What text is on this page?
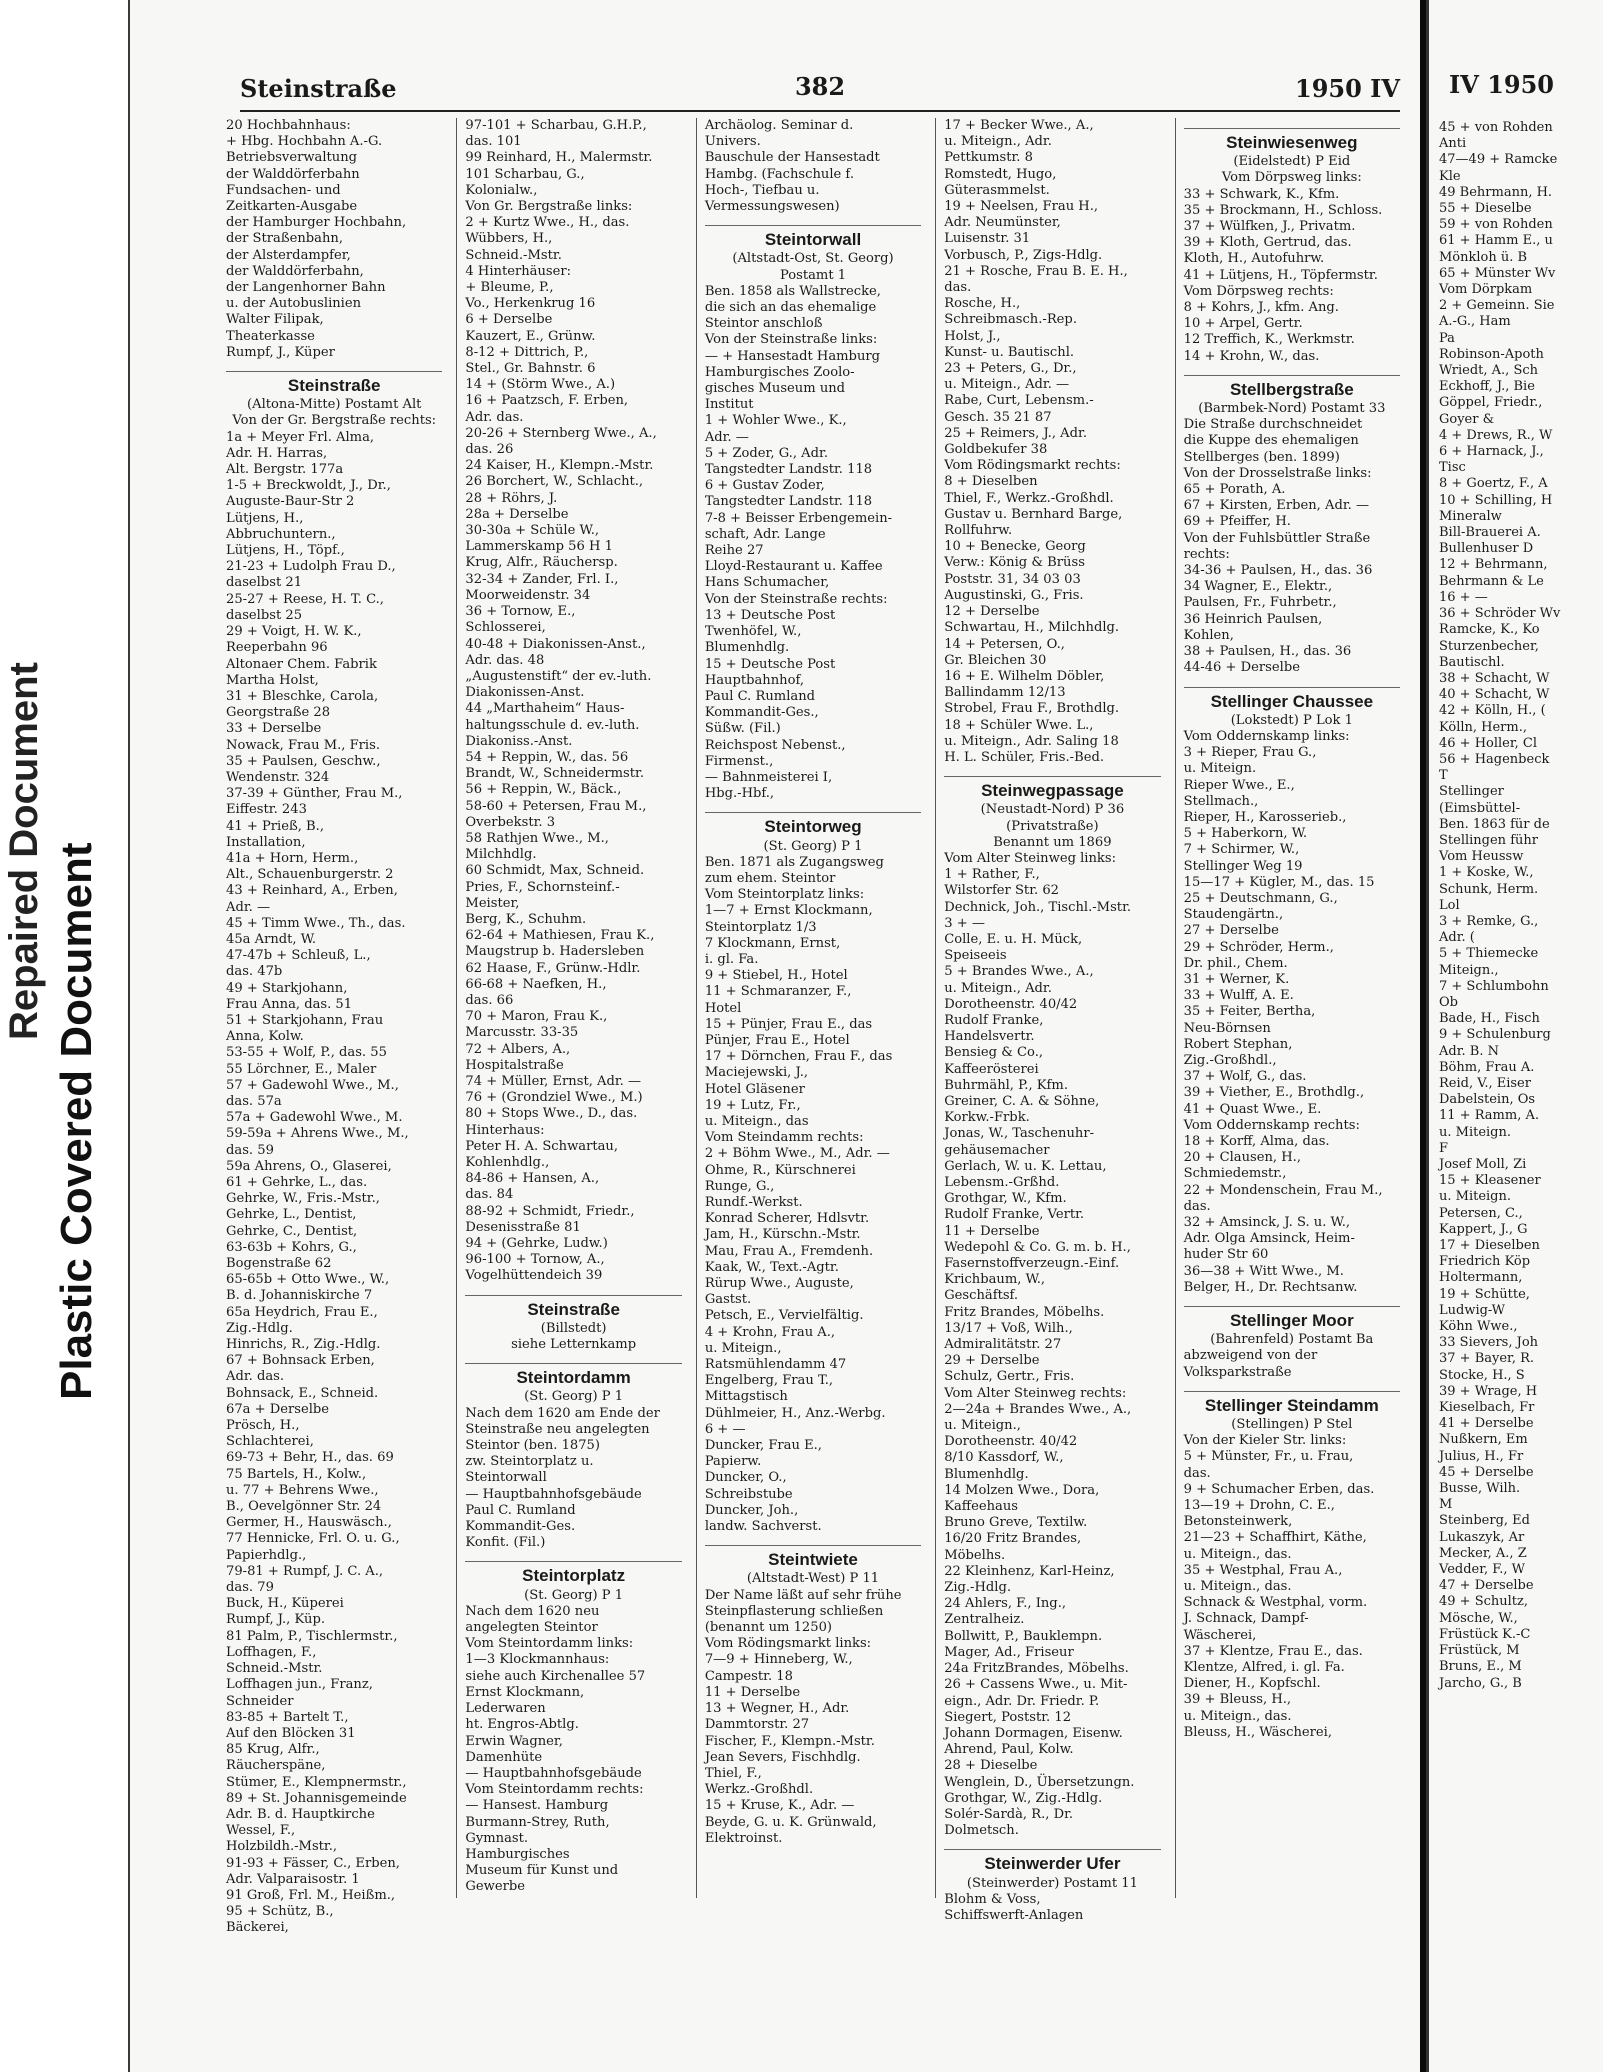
Repaired Document Plastic Covered Document
Steinstraße	382	1950 IV
20 Hochbahnhaus:
+ Hbg. Hochbahn A.-G.
Betriebsverwaltung
der Walddörferbahn
Fundsachen- und
Zeitkarten-Ausgabe
der Hamburger Hochbahn,
der Straßenbahn,
der Alsterdampfer,
der Walddörferbahn,
der Langenhorner Bahn
u. der Autobuslinien
Walter Filipak,
Theaterkasse
Rumpf, J., Küper
Steinstraße
(Altona-Mitte) Postamt Alt
Von der Gr. Bergstraße rechts:
1a + Meyer Frl. Alma,
Adr. H. Harras,
Alt. Bergstr. 177a
1-5 + Breckwoldt, J., Dr.,
Auguste-Baur-Str 2
Lütjens, H.,
Abbruchuntern.,
Lütjens, H., Töpf.,
21-23 + Ludolph Frau D.,
daselbst 21
25-27 + Reese, H. T. C.,
daselbst 25
29 + Voigt, H. W. K.,
Reeperbahn 96
Altonaer Chem. Fabrik
Martha Holst,
31 + Bleschke, Carola,
Georgstraße 28
33 + Derselbe
Nowack, Frau M., Fris.
35 + Paulsen, Geschw.,
Wendenstr. 324
37-39 + Günther, Frau M.,
Eiffestr. 243
41 + Prieß, B.,
Installation,
41a + Horn, Herm.,
Alt., Schauenburgerstr. 2
43 + Reinhard, A., Erben,
Adr. —
45 + Timm Wwe., Th., das.
45a Arndt, W.
47-47b + Schleuß, L.,
das. 47b
49 + Starkjohann,
Frau Anna, das. 51
51 + Starkjohann, Frau
Anna, Kolw.
53-55 + Wolf, P., das. 55
55 Lörchner, E., Maler
57 + Gadewohl Wwe., M.,
das. 57a
57a + Gadewohl Wwe., M.
59-59a + Ahrens Wwe., M.,
das. 59
59a Ahrens, O., Glaserei,
61 + Gehrke, L., das.
Gehrke, W., Fris.-Mstr.,
Gehrke, L., Dentist,
Gehrke, C., Dentist,
63-63b + Kohrs, G.,
Bogenstraße 62
65-65b + Otto Wwe., W.,
B. d. Johanniskirche 7
65a Heydrich, Frau E.,
Zig.-Hdlg.
Hinrichs, R., Zig.-Hdlg.
67 + Bohnsack Erben,
Adr. das.
Bohnsack, E., Schneid.
67a + Derselbe
Prösch, H.,
Schlachterei,
69-73 + Behr, H., das. 69
75 Bartels, H., Kolw.,
u. 77 + Behrens Wwe.,
B., Oevelgönner Str. 24
Germer, H., Hauswäsch.,
77 Hennicke, Frl. O. u. G.,
Papierhdlg.,
79-81 + Rumpf, J. C. A.,
das. 79
Buck, H., Küperei
Rumpf, J., Küp.
81 Palm, P., Tischlermstr.,
Loffhagen, F.,
Schneid.-Mstr.
Loffhagen jun., Franz,
Schneider
83-85 + Bartelt T.,
Auf den Blöcken 31
85 Krug, Alfr.,
Räucherspäne,
Stümer, E., Klempnermstr.,
89 + St. Johannisgemeinde
Adr. B. d. Hauptkirche
Wessel, F.,
Holzbildh.-Mstr.,
91-93 + Fässer, C., Erben,
Adr. Valparaisostr. 1
91 Groß, Frl. M., Heißm.,
95 + Schütz, B.,
Bäckerei,
97-101 + Scharbau, G.H.P.,
das. 101
99 Reinhard, H., Malermstr.
101 Scharbau, G.,
Kolonialw.,
Von Gr. Bergstraße links:
2 + Kurtz Wwe., H., das.
Wübbers, H.,
Schneid.-Mstr.
4 Hinterhäuser:
+ Bleume, P.,
Vo., Herkenkrug 16
6 + Derselbe
Kauzert, E., Grünw.
8-12 + Dittrich, P.,
Stel., Gr. Bahnstr. 6
14 + (Störm Wwe., A.)
16 + Paatzsch, F. Erben,
Adr. das.
20-26 + Sternberg Wwe., A.,
das. 26
24 Kaiser, H., Klempn.-Mstr.
26 Borchert, W., Schlacht.,
28 + Röhrs, J.
28a + Derselbe
30-30a + Schüle W.,
Lammerskamp 56 H 1
Krug, Alfr., Räuchersp.
32-34 + Zander, Frl. I.,
Moorweidenstr. 34
36 + Tornow, E.,
Schlosserei,
40-48 + Diakonissen-Anst.,
Adr. das. 48
„Augustenstift“ der ev.-luth.
Diakonissen-Anst.
44 „Marthaheim“ Haus-
haltungsschule d. ev.-luth.
Diakoniss.-Anst.
54 + Reppin, W., das. 56
Brandt, W., Schneidermstr.
56 + Reppin, W., Bäck.,
58-60 + Petersen, Frau M.,
Overbekstr. 3
58 Rathjen Wwe., M.,
Milchhdlg.
60 Schmidt, Max, Schneid.
Pries, F., Schornsteinf.-
Meister,
Berg, K., Schuhm.
62-64 + Mathiesen, Frau K.,
Maugstrup b. Hadersleben
62 Haase, F., Grünw.-Hdlr.
66-68 + Naefken, H.,
das. 66
70 + Maron, Frau K.,
Marcusstr. 33-35
72 + Albers, A.,
Hospitalstraße
74 + Müller, Ernst, Adr. —
76 + (Grondziel Wwe., M.)
80 + Stops Wwe., D., das.
Hinterhaus:
Peter H. A. Schwartau,
Kohlenhdlg.,
84-86 + Hansen, A.,
das. 84
88-92 + Schmidt, Friedr.,
Desenisstraße 81
94 + (Gehrke, Ludw.)
96-100 + Tornow, A.,
Vogelhüttendeich 39
Steinstraße
(Billstedt)
siehe Letternkamp
Steintordamm
(St. Georg) P 1
Nach dem 1620 am Ende der
Steinstraße neu angelegten
Steintor (ben. 1875)
zw. Steintorplatz u.
Steintorwall
— Hauptbahnhofsgebäude
Paul C. Rumland
Kommandit-Ges.
Konfit. (Fil.)
Steintorplatz
(St. Georg) P 1
Nach dem 1620 neu
angelegten Steintor
Vom Steintordamm links:
1—3 Klockmannhaus:
siehe auch Kirchenallee 57
Ernst Klockmann,
Lederwaren
ht. Engros-Abtlg.
Erwin Wagner,
Damenhüte
— Hauptbahnhofsgebäude
Vom Steintordamm rechts:
— Hansest. Hamburg
Burmann-Strey, Ruth,
Gymnast.
Hamburgisches
Museum für Kunst und
Gewerbe
Archäolog. Seminar d.
Univers.
Bauschule der Hansestadt
Hambg. (Fachschule f.
Hoch-, Tiefbau u.
Vermessungswesen)
Steintorwall
(Altstadt-Ost, St. Georg)
Postamt 1
Ben. 1858 als Wallstrecke,
die sich an das ehemalige
Steintor anschloß
Von der Steinstraße links:
— + Hansestadt Hamburg
Hamburgisches Zoolo-
gisches Museum und
Institut
1 + Wohler Wwe., K.,
Adr. —
5 + Zoder, G., Adr.
Tangstedter Landstr. 118
6 + Gustav Zoder,
Tangstedter Landstr. 118
7-8 + Beisser Erbengemein-
schaft, Adr. Lange
Reihe 27
Lloyd-Restaurant u. Kaffee
Hans Schumacher,
Von der Steinstraße rechts:
13 + Deutsche Post
Twenhöfel, W.,
Blumenhdlg.
15 + Deutsche Post
Hauptbahnhof,
Paul C. Rumland
Kommandit-Ges.,
Süßw. (Fil.)
Reichspost Nebenst.,
Firmenst.,
— Bahnmeisterei I,
Hbg.-Hbf.,
Steintorweg
(St. Georg) P 1
Ben. 1871 als Zugangsweg
zum ehem. Steintor
Vom Steintorplatz links:
1—7 + Ernst Klockmann,
Steintorplatz 1/3
7 Klockmann, Ernst,
i. gl. Fa.
9 + Stiebel, H., Hotel
11 + Schmaranzer, F.,
Hotel
15 + Pünjer, Frau E., das
Pünjer, Frau E., Hotel
17 + Dörnchen, Frau F., das
Maciejewski, J.,
Hotel Gläsener
19 + Lutz, Fr.,
u. Miteign., das
Vom Steindamm rechts:
2 + Böhm Wwe., M., Adr. —
Ohme, R., Kürschnerei
Runge, G.,
Rundf.-Werkst.
Konrad Scherer, Hdlsvtr.
Jam, H., Kürschn.-Mstr.
Mau, Frau A., Fremdenh.
Kaak, W., Text.-Agtr.
Rürup Wwe., Auguste,
Gastst.
Petsch, E., Vervielfältig.
4 + Krohn, Frau A.,
u. Miteign.,
Ratsmühlendamm 47
Engelberg, Frau T.,
Mittagstisch
Dühlmeier, H., Anz.-Werbg.
6 + —
Duncker, Frau E.,
Papierw.
Duncker, O.,
Schreibstube
Duncker, Joh.,
landw. Sachverst.
Steintwiete
(Altstadt-West) P 11
Der Name läßt auf sehr frühe
Steinpflasterung schließen
(benannt um 1250)
Vom Rödingsmarkt links:
7—9 + Hinneberg, W.,
Campestr. 18
11 + Derselbe
13 + Wegner, H., Adr.
Dammtorstr. 27
Fischer, F., Klempn.-Mstr.
Jean Severs, Fischhdlg.
Thiel, F.,
Werkz.-Großhdl.
15 + Kruse, K., Adr. —
Beyde, G. u. K. Grünwald,
Elektroinst.
17 + Becker Wwe., A.,
u. Miteign., Adr.
Pettkumstr. 8
Romstedt, Hugo,
Güterasmmelst.
19 + Neelsen, Frau H.,
Adr. Neumünster,
Luisenstr. 31
Vorbusch, P., Zigs-Hdlg.
21 + Rosche, Frau B. E. H.,
das.
Rosche, H.,
Schreibmasch.-Rep.
Holst, J.,
Kunst- u. Bautischl.
23 + Peters, G., Dr.,
u. Miteign., Adr. —
Rabe, Curt, Lebensm.-
Gesch. 35 21 87
25 + Reimers, J., Adr.
Goldbekufer 38
Vom Rödingsmarkt rechts:
8 + Dieselben
Thiel, F., Werkz.-Großhdl.
Gustav u. Bernhard Barge,
Rollfuhrw.
10 + Benecke, Georg
Verw.: König & Brüss
Poststr. 31, 34 03 03
Augustinski, G., Fris.
12 + Derselbe
Schwartau, H., Milchhdlg.
14 + Petersen, O.,
Gr. Bleichen 30
16 + E. Wilhelm Döbler,
Ballindamm 12/13
Strobel, Frau F., Brothdlg.
18 + Schüler Wwe. L.,
u. Miteign., Adr. Saling 18
H. L. Schüler, Fris.-Bed.
Steinwegpassage
(Neustadt-Nord) P 36
(Privatstraße)
Benannt um 1869
Vom Alter Steinweg links:
1 + Rather, F.,
Wilstorfer Str. 62
Dechnick, Joh., Tischl.-Mstr.
3 + —
Colle, E. u. H. Mück,
Speiseeis
5 + Brandes Wwe., A.,
u. Miteign., Adr.
Dorotheenstr. 40/42
Rudolf Franke,
Handelsvertr.
Bensieg & Co.,
Kaffeerösterei
Buhrmähl, P., Kfm.
Greiner, C. A. & Söhne,
Korkw.-Frbk.
Jonas, W., Taschenuhr-
gehäusemacher
Gerlach, W. u. K. Lettau,
Lebensm.-Grßhd.
Grothgar, W., Kfm.
Rudolf Franke, Vertr.
11 + Derselbe
Wedepohl & Co. G. m. b. H.,
Fasernstoffverzeugn.-Einf.
Krichbaum, W.,
Geschäftsf.
Fritz Brandes, Möbelhs.
13/17 + Voß, Wilh.,
Admiralitätstr. 27
29 + Derselbe
Schulz, Gertr., Fris.
Vom Alter Steinweg rechts:
2—24a + Brandes Wwe., A.,
u. Miteign.,
Dorotheenstr. 40/42
8/10 Kassdorf, W.,
Blumenhdlg.
14 Molzen Wwe., Dora,
Kaffeehaus
Bruno Greve, Textilw.
16/20 Fritz Brandes,
Möbelhs.
22 Kleinhenz, Karl-Heinz,
Zig.-Hdlg.
24 Ahlers, F., Ing.,
Zentralheiz.
Bollwitt, P., Bauklempn.
Mager, Ad., Friseur
24a FritzBrandes, Möbelhs.
26 + Cassens Wwe., u. Mit-
eign., Adr. Dr. Friedr. P.
Siegert, Poststr. 12
Johann Dormagen, Eisenw.
Ahrend, Paul, Kolw.
28 + Dieselbe
Wenglein, D., Übersetzungn.
Grothgar, W., Zig.-Hdlg.
Solér-Sardà, R., Dr.
Dolmetsch.
Steinwerder Ufer
(Steinwerder) Postamt 11
Blohm & Voss,
Schiffswerft-Anlagen
Steinwiesenweg
(Eidelstedt) P Eid
Vom Dörpsweg links:
33 + Schwark, K., Kfm.
35 + Brockmann, H., Schloss.
37 + Wülfken, J., Privatm.
39 + Kloth, Gertrud, das.
Kloth, H., Autofuhrw.
41 + Lütjens, H., Töpfermstr.
Vom Dörpsweg rechts:
8 + Kohrs, J., kfm. Ang.
10 + Arpel, Gertr.
12 Treffich, K., Werkmstr.
14 + Krohn, W., das.
Stellbergstraße
(Barmbek-Nord) Postamt 33
Die Straße durchschneidet
die Kuppe des ehemaligen
Stellberges (ben. 1899)
Von der Drosselstraße links:
65 + Porath, A.
67 + Kirsten, Erben, Adr. —
69 + Pfeiffer, H.
Von der Fuhlsbüttler Straße
rechts:
34-36 + Paulsen, H., das. 36
34 Wagner, E., Elektr.,
Paulsen, Fr., Fuhrbetr.,
36 Heinrich Paulsen,
Kohlen,
38 + Paulsen, H., das. 36
44-46 + Derselbe
Stellinger Chaussee
(Lokstedt) P Lok 1
Vom Oddernskamp links:
3 + Rieper, Frau G.,
u. Miteign.
Rieper Wwe., E.,
Stellmach.,
Rieper, H., Karosserieb.,
5 + Haberkorn, W.
7 + Schirmer, W.,
Stellinger Weg 19
15—17 + Kügler, M., das. 15
25 + Deutschmann, G.,
Staudengärtn.,
27 + Derselbe
29 + Schröder, Herm.,
Dr. phil., Chem.
31 + Werner, K.
33 + Wulff, A. E.
35 + Feiter, Bertha,
Neu-Börnsen
Robert Stephan,
Zig.-Großhdl.,
37 + Wolf, G., das.
39 + Viether, E., Brothdlg.,
41 + Quast Wwe., E.
Vom Oddernskamp rechts:
18 + Korff, Alma, das.
20 + Clausen, H.,
Schmiedemstr.,
22 + Mondenschein, Frau M.,
das.
32 + Amsinck, J. S. u. W.,
Adr. Olga Amsinck, Heim-
huder Str 60
36—38 + Witt Wwe., M.
Belger, H., Dr. Rechtsanw.
Stellinger Moor
(Bahrenfeld) Postamt Ba
abzweigend von der
Volksparkstraße
Stellinger Steindamm
(Stellingen) P Stel
Von der Kieler Str. links:
5 + Münster, Fr., u. Frau,
das.
9 + Schumacher Erben, das.
13—19 + Drohn, C. E.,
Betonsteinwerk,
21—23 + Schaffhirt, Käthe,
u. Miteign., das.
35 + Westphal, Frau A.,
u. Miteign., das.
Schnack & Westphal, vorm.
J. Schnack, Dampf-
Wäscherei,
37 + Klentze, Frau E., das.
Klentze, Alfred, i. gl. Fa.
Diener, H., Kopfschl.
39 + Bleuss, H.,
u. Miteign., das.
Bleuss, H., Wäscherei,
IV 1950
45 + von Rohden
Anti
47—49 + Ramcke
Kle
49 Behrmann, H.
55 + Dieselbe
59 + von Rohden
61 + Hamm E., u
Mönkloh ü. B
65 + Münster Wv
Vom Dörpkam
2 + Gemeinn. Sie
A.-G., Ham
Pa
Robinson-Apoth
Wriedt, A., Sch
Eckhoff, J., Bie
Göppel, Friedr.,
Goyer &
4 + Drews, R., W
6 + Harnack, J.,
Tisc
8 + Goertz, F., A
10 + Schilling, H
Mineralw
Bill-Brauerei A.
Bullenhuser D
12 + Behrmann,
Behrmann & Le
16 + —
36 + Schröder Wv
Ramcke, K., Ko
Sturzenbecher,
Bautischl.
38 + Schacht, W
40 + Schacht, W
42 + Kölln, H., (
Kölln, Herm.,
46 + Holler, Cl
56 + Hagenbeck
T
Stellinger
(Eimsbüttel-
Ben. 1863 für de
Stellingen führ
Vom Heussw
1 + Koske, W.,
Schunk, Herm.
Lol
3 + Remke, G.,
Adr. (
5 + Thiemecke
Miteign.,
7 + Schlumbohn
Ob
Bade, H., Fisch
9 + Schulenburg
Adr. B. N
Böhm, Frau A.
Reid, V., Eiser
Dabelstein, Os
11 + Ramm, A.
u. Miteign.
F
Josef Moll, Zi
15 + Kleasener
u. Miteign.
Petersen, C.,
Kappert, J., G
17 + Dieselben
Friedrich Köp
Holtermann,
19 + Schütte,
Ludwig-W
Köhn Wwe.,
33 Sievers, Joh
37 + Bayer, R.
Stocke, H., S
39 + Wrage, H
Kieselbach, Fr
41 + Derselbe
Nußkern, Em
Julius, H., Fr
45 + Derselbe
Busse, Wilh.
M
Steinberg, Ed
Lukaszyk, Ar
Mecker, A., Z
Vedder, F., W
47 + Derselbe
49 + Schultz,
Mösche, W.,
Früstück K.-C
Früstück, M
Bruns, E., M
Jarcho, G., B
